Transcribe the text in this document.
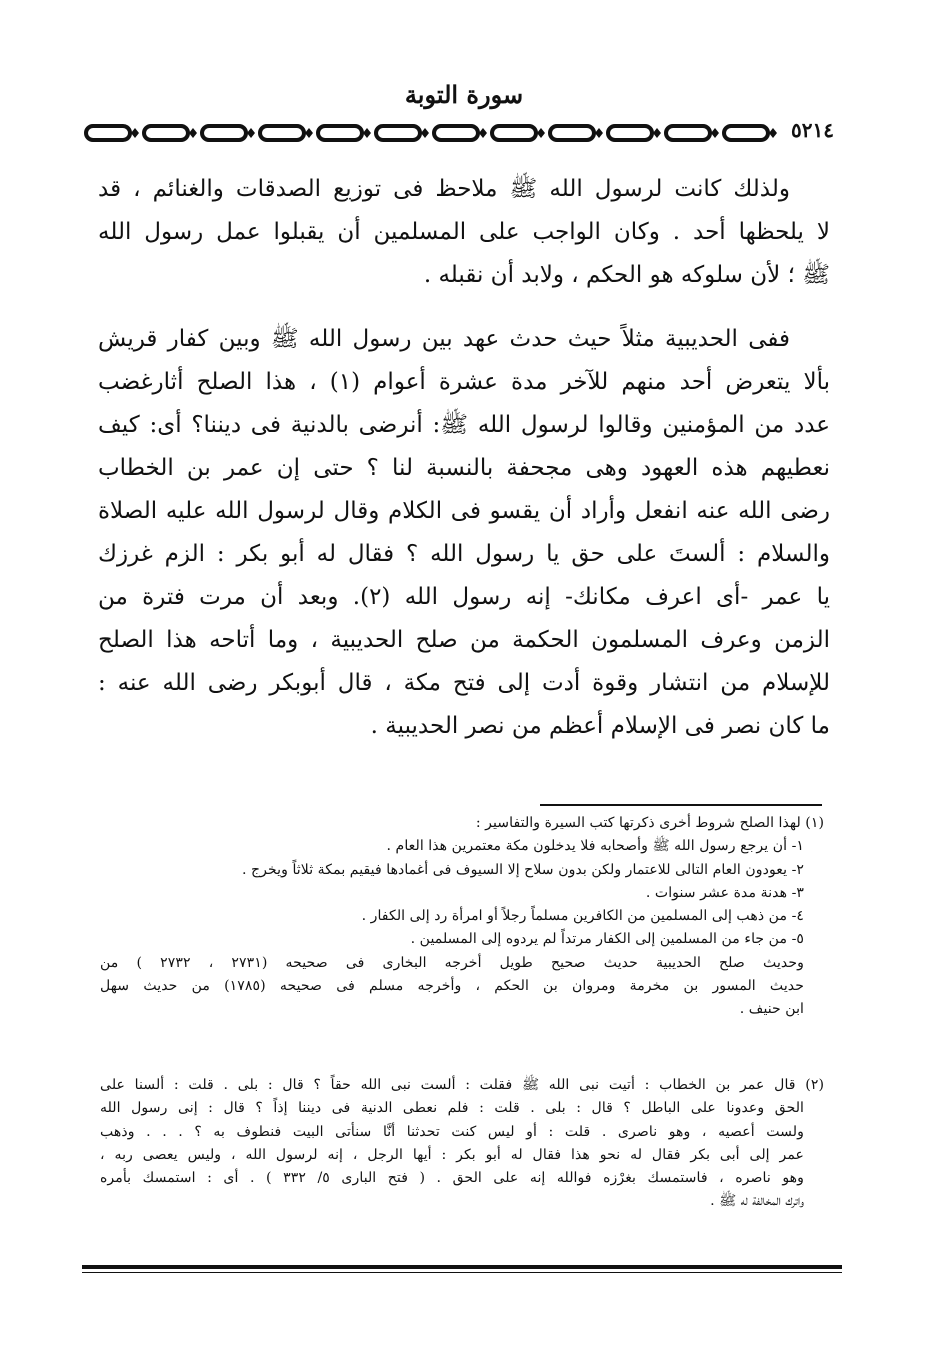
سورة التوبة
٥٢١٤
ولذلك كانت لرسول الله ﷺ ملاحظ فى توزيع الصدقات والغنائم ، قد
لا يلحظها أحد . وكان الواجب على المسلمين أن يقبلوا عمل رسول الله
ﷺ ؛ لأن سلوكه هو الحكم ، ولابد أن نقبله .
ففى الحديبية مثلاً حيث حدث عهد بين رسول الله ﷺ وبين كفار قريش
بألا يتعرض أحد منهم للآخر مدة عشرة أعوام (١) ، هذا الصلح أثارغضب
عدد من المؤمنين وقالوا لرسول الله ﷺ: أنرضى بالدنية فى ديننا؟ أى: كيف
نعطيهم هذه العهود وهى مجحفة بالنسبة لنا ؟ حتى إن عمر بن الخطاب
رضى الله عنه انفعل وأراد أن يقسو فى الكلام وقال لرسول الله عليه الصلاة
والسلام : ألستَ على حق يا رسول الله ؟ فقال له أبو بكر : الزم غرزك
يا عمر -أى اعرف مكانك- إنه رسول الله (٢). وبعد أن مرت فترة من
الزمن وعرف المسلمون الحكمة من صلح الحديبية ، وما أتاحه هذا الصلح
للإسلام من انتشار وقوة أدت إلى فتح مكة ، قال أبوبكر رضى الله عنه :
ما كان نصر فى الإسلام أعظم من نصر الحديبية .
(١) لهذا الصلح شروط أخرى ذكرتها كتب السيرة والتفاسير :
١- أن يرجع رسول الله ﷺ وأصحابه فلا يدخلون مكة معتمرين هذا العام .
٢- يعودون العام التالى للاعتمار ولكن بدون سلاح إلا السيوف فى أغمادها فيقيم بمكة ثلاثاً ويخرج .
٣- هدنة مدة عشر سنوات .
٤- من ذهب إلى المسلمين من الكافرين مسلماً رجلاً أو امرأة رد إلى الكفار .
٥- من جاء من المسلمين إلى الكفار مرتداً لم يردوه إلى المسلمين .
وحديث صلح الحديبية حديث صحيح طويل أخرجه البخارى فى صحيحه (٢٧٣١ ، ٢٧٣٢ ) من
حديث المسور بن مخرمة ومروان بن الحكم ، وأخرجه مسلم فى صحيحه (١٧٨٥) من حديث سهل
ابن حنيف .
(٢) قال عمر بن الخطاب : أتيت نبى الله ﷺ فقلت : ألست نبى الله حقاً ؟ قال : بلى . قلت : ألسنا على
الحق وعدونا على الباطل ؟ قال : بلى . قلت : فلم نعطى الدنية فى ديننا إذاً ؟ قال : إنى رسول الله
ولست أعصيه ، وهو ناصرى . قلت : أو ليس كنت تحدثنا أنَّا سنأتى البيت فنطوف به ؟ . . . وذهب
عمر إلى أبى بكر فقال له نحو هذا فقال له أبو بكر : أيها الرجل ، إنه لرسول الله ، وليس يعصى ربه ،
وهو ناصره ، فاستمسك بغرْزه فوالله إنه على الحق . ( فتح البارى ٥/ ٣٣٢ ) . أى : استمسك بأمره
واترك المخالفة له ﷺ .
